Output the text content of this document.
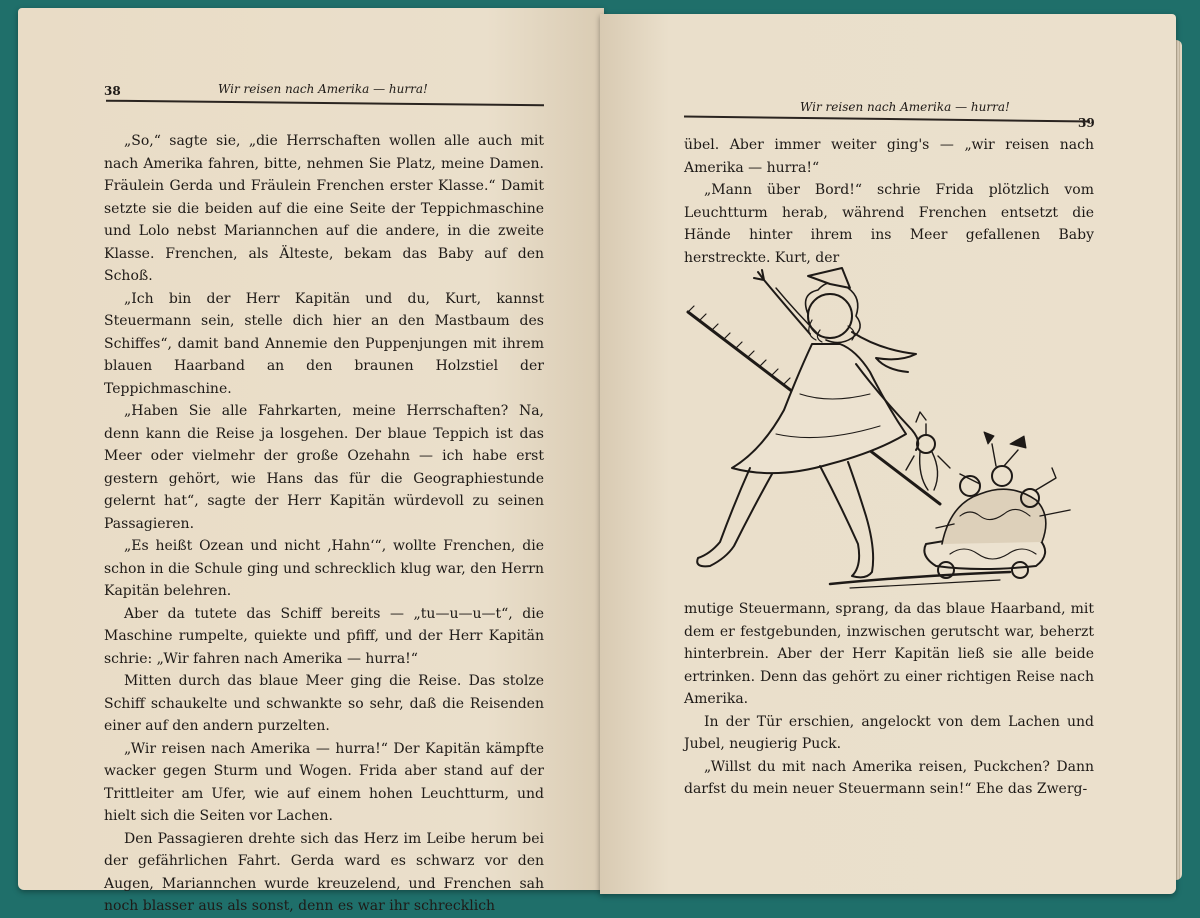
38	Wir reisen nach Amerika — hurra!

„So,“ sagte sie, „die Herrschaften wollen alle auch mit nach Amerika fahren, bitte, nehmen Sie Platz, meine Damen. Fräulein Gerda und Fräulein Frenchen erster Klasse.“ Damit setzte sie die beiden auf die eine Seite der Teppichmaschine und Lolo nebst Mariannchen auf die andere, in die zweite Klasse. Frenchen, als Älteste, bekam das Baby auf den Schoß.

„Ich bin der Herr Kapitän und du, Kurt, kannst Steuermann sein, stelle dich hier an den Mastbaum des Schiffes“, damit band Annemie den Puppenjungen mit ihrem blauen Haarband an den braunen Holzstiel der Teppichmaschine.

„Haben Sie alle Fahrkarten, meine Herrschaften? Na, denn kann die Reise ja losgehen. Der blaue Teppich ist das Meer oder vielmehr der große Ozehahn — ich habe erst gestern gehört, wie Hans das für die Geographiestunde gelernt hat“, sagte der Herr Kapitän würdevoll zu seinen Passagieren.

„Es heißt Ozean und nicht ‚Hahn‘“, wollte Frenchen, die schon in die Schule ging und schrecklich klug war, den Herrn Kapitän belehren.

Aber da tutete das Schiff bereits — „tu—u—u—t“, die Maschine rumpelte, quiekte und pfiff, und der Herr Kapitän schrie: „Wir fahren nach Amerika — hurra!“

Mitten durch das blaue Meer ging die Reise. Das stolze Schiff schaukelte und schwankte so sehr, daß die Reisenden einer auf den andern purzelten.

„Wir reisen nach Amerika — hurra!“ Der Kapitän kämpfte wacker gegen Sturm und Wogen. Frida aber stand auf der Trittleiter am Ufer, wie auf einem hohen Leuchtturm, und hielt sich die Seiten vor Lachen.

Den Passagieren drehte sich das Herz im Leibe herum bei der gefährlichen Fahrt. Gerda ward es schwarz vor den Augen, Mariannchen wurde kreuzelend, und Frenchen sah noch blasser aus als sonst, denn es war ihr schrecklich

Wir reisen nach Amerika — hurra!
39

übel. Aber immer weiter ging's — „wir reisen nach Amerika — hurra!“

„Mann über Bord!“ schrie Frida plötzlich vom Leuchtturm herab, während Frenchen entsetzt die Hände hinter ihrem ins Meer gefallenen Baby herstreckte. Kurt, der

mutige Steuermann, sprang, da das blaue Haarband, mit dem er festgebunden, inzwischen gerutscht war, beherzt hinterbrein. Aber der Herr Kapitän ließ sie alle beide ertrinken. Denn das gehört zu einer richtigen Reise nach Amerika.

In der Tür erschien, angelockt von dem Lachen und Jubel, neugierig Puck.

„Willst du mit nach Amerika reisen, Puckchen? Dann darfst du mein neuer Steuermann sein!“ Ehe das Zwerg-
